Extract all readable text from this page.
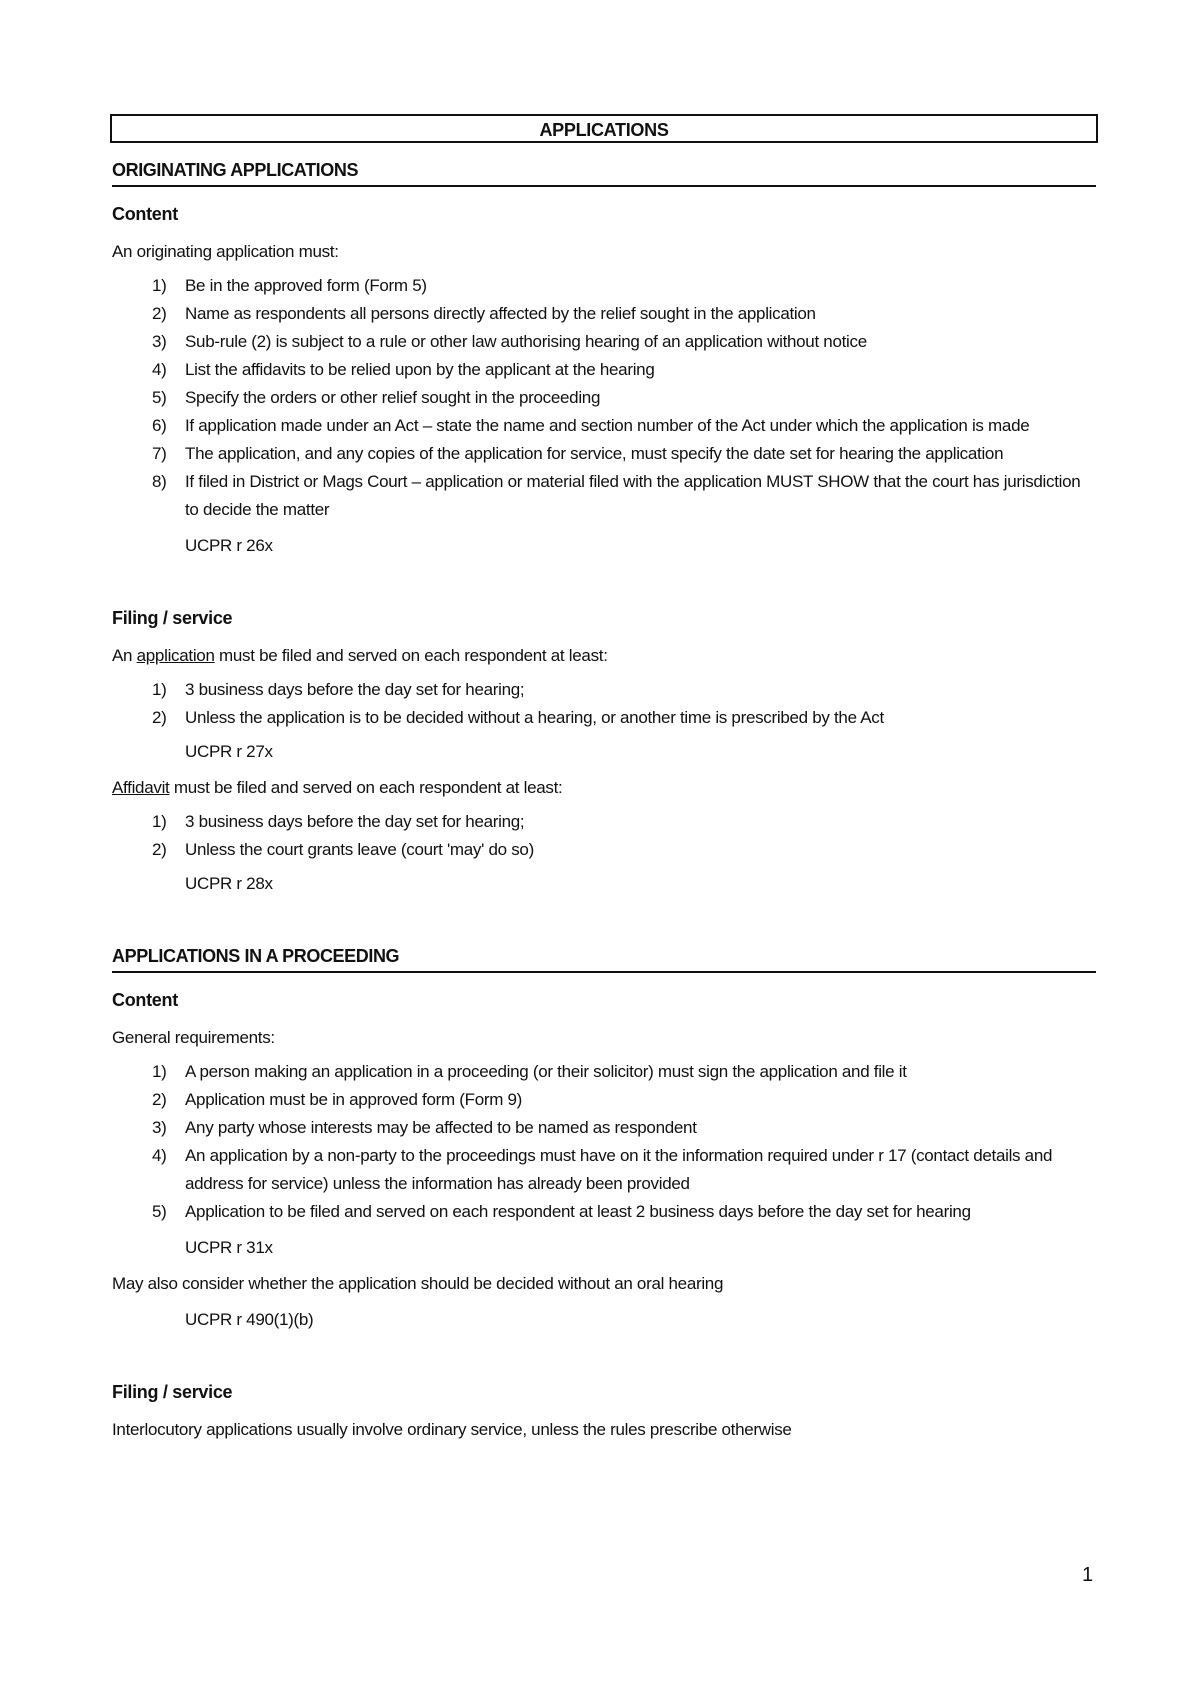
APPLICATIONS
ORIGINATING APPLICATIONS
Content

An originating application must:

1) Be in the approved form (Form 5)
2) Name as respondents all persons directly affected by the relief sought in the application
3) Sub-rule (2) is subject to a rule or other law authorising hearing of an application without notice
4) List the affidavits to be relied upon by the applicant at the hearing
5) Specify the orders or other relief sought in the proceeding
6) If application made under an Act – state the name and section number of the Act under which the application is made
7) The application, and any copies of the application for service, must specify the date set for hearing the application
8) If filed in District or Mags Court – application or material filed with the application MUST SHOW that the court has jurisdiction to decide the matter

UCPR r 26x

Filing / service

An application must be filed and served on each respondent at least:

1) 3 business days before the day set for hearing;
2) Unless the application is to be decided without a hearing, or another time is prescribed by the Act

UCPR r 27x

Affidavit must be filed and served on each respondent at least:

1) 3 business days before the day set for hearing;
2) Unless the court grants leave (court 'may' do so)

UCPR r 28x

APPLICATIONS IN A PROCEEDING
Content

General requirements:

1) A person making an application in a proceeding (or their solicitor) must sign the application and file it
2) Application must be in approved form (Form 9)
3) Any party whose interests may be affected to be named as respondent
4) An application by a non-party to the proceedings must have on it the information required under r 17 (contact details and address for service) unless the information has already been provided
5) Application to be filed and served on each respondent at least 2 business days before the day set for hearing

UCPR r 31x

May also consider whether the application should be decided without an oral hearing

UCPR r 490(1)(b)

Filing / service

Interlocutory applications usually involve ordinary service, unless the rules prescribe otherwise

1
